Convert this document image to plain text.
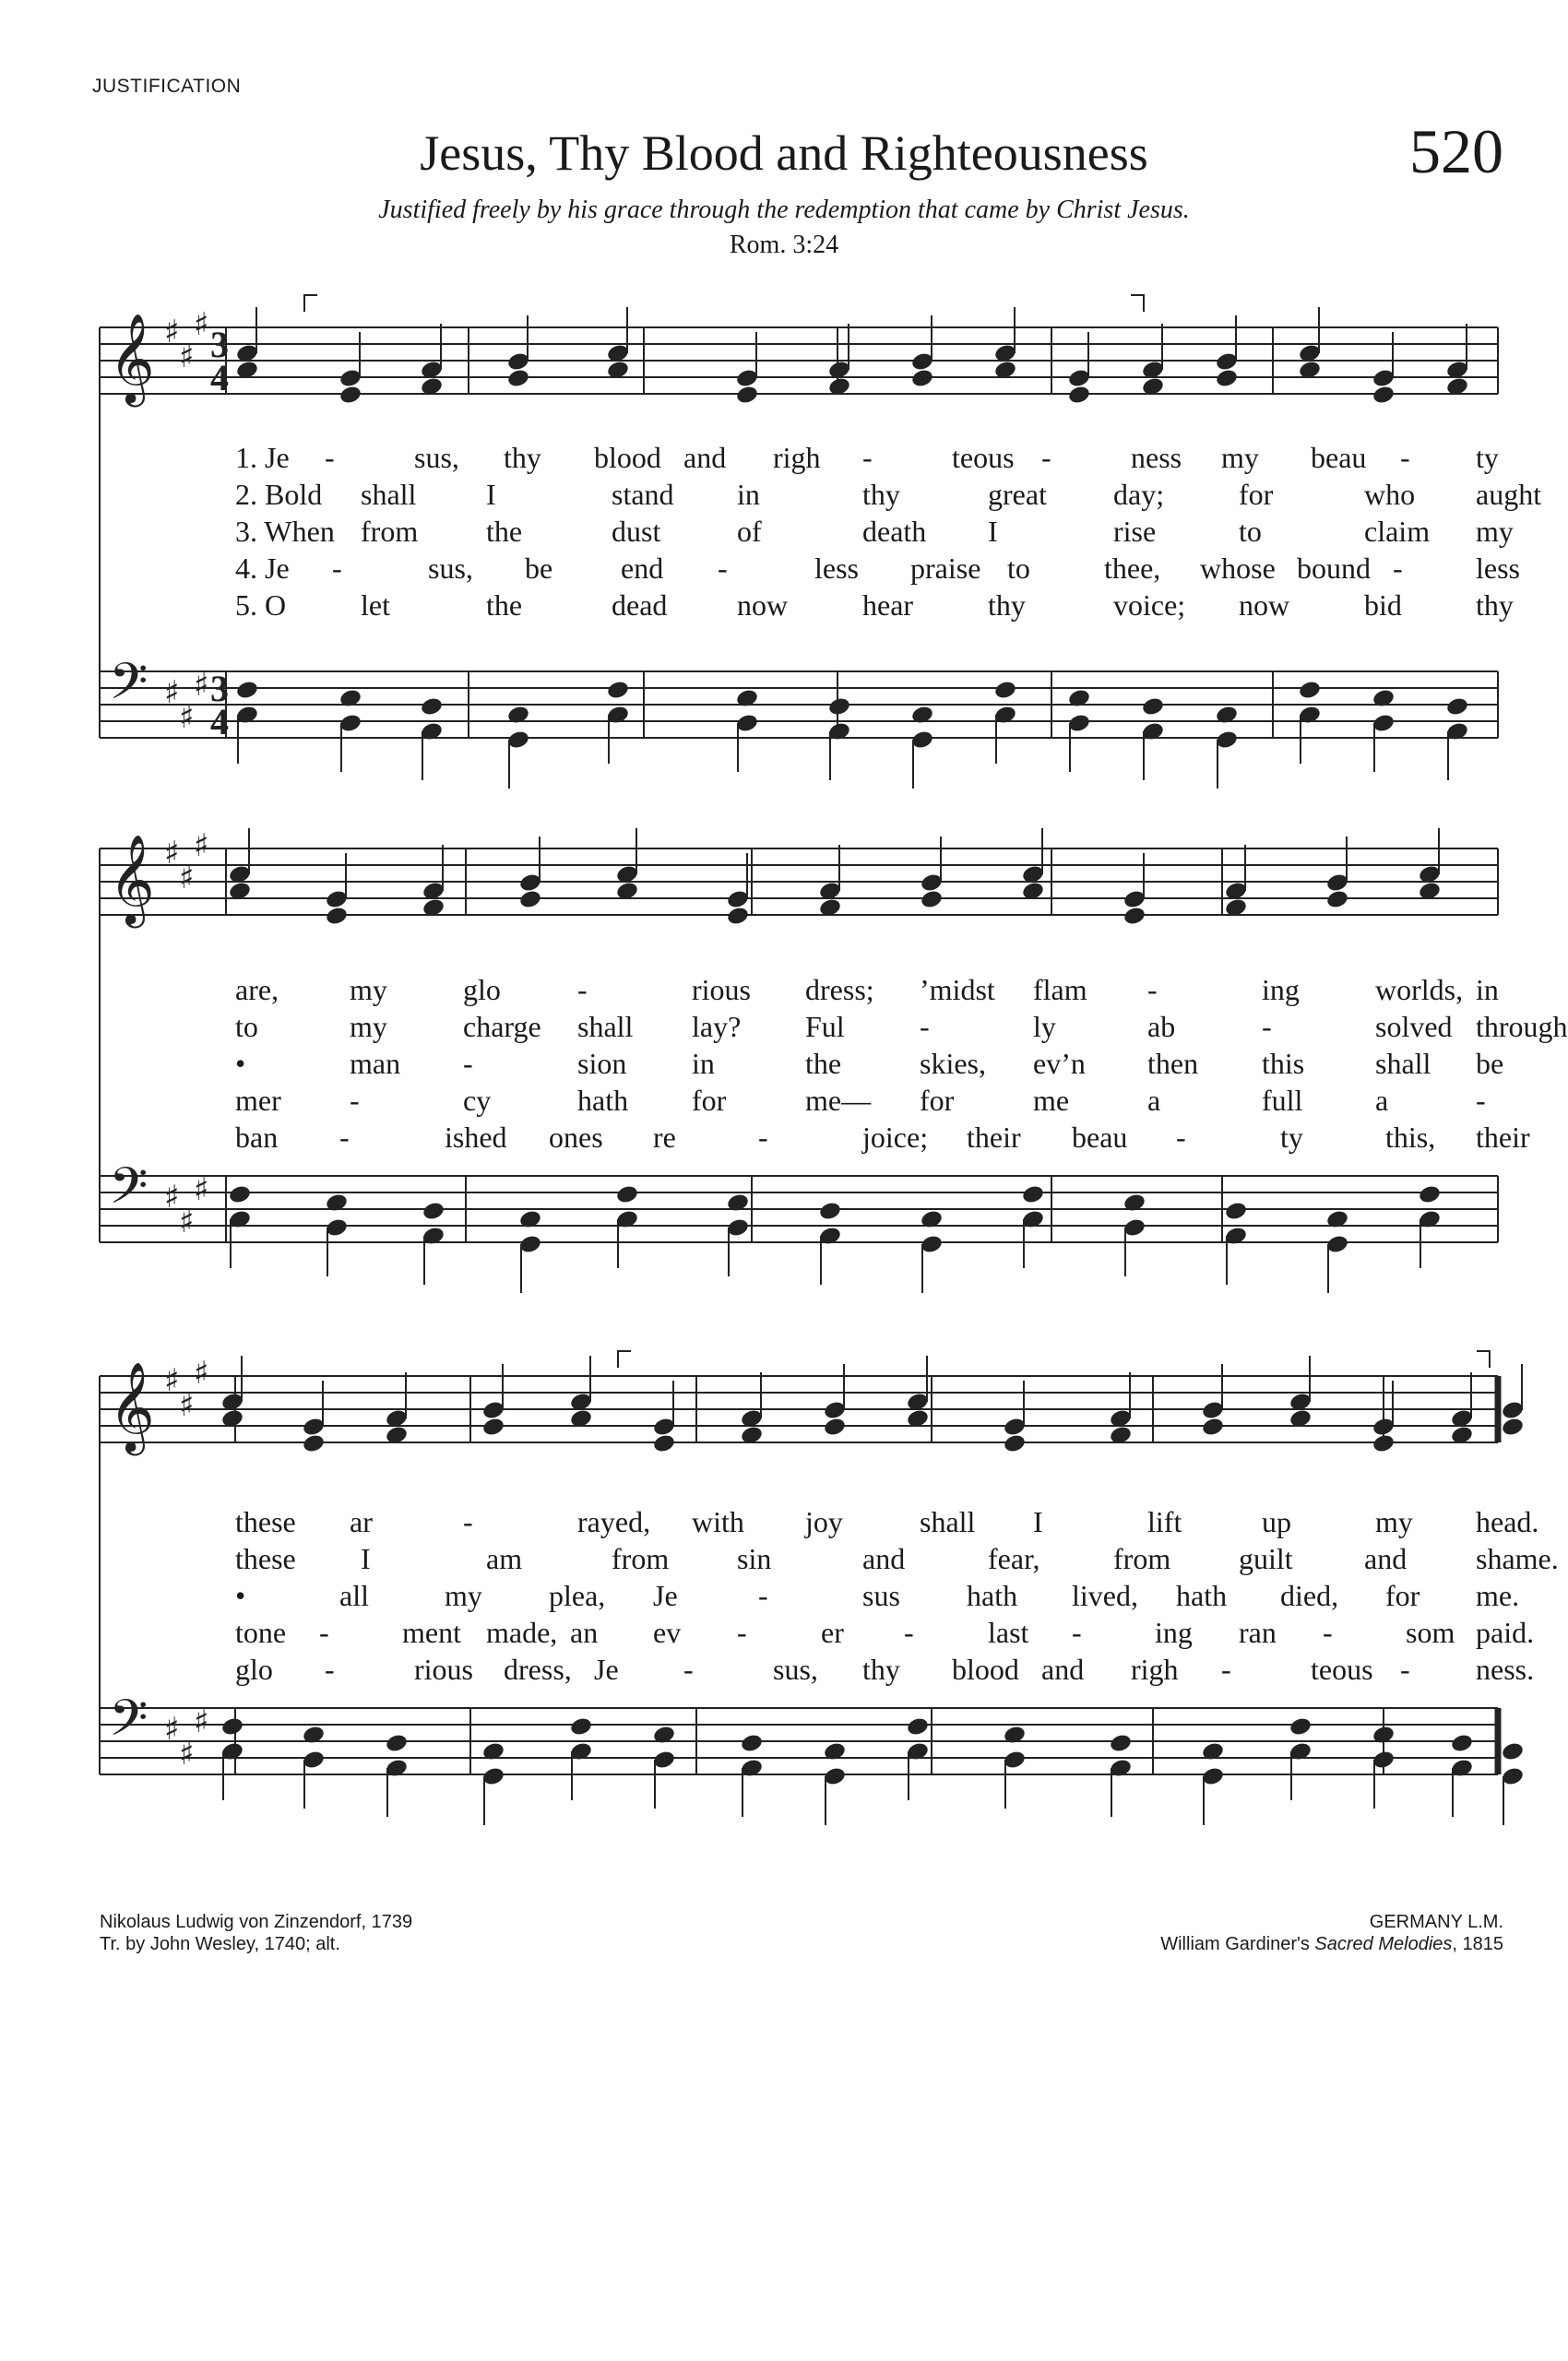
JUSTIFICATION
Jesus, Thy Blood and Righteousness	520
Justified freely by his grace through the redemption that came by Christ Jesus.
Rom. 3:24
𝄞 ♯
♯
♯ 3
4
𝄢 ♯
♯
♯ 3
4
𝄞 ♯
♯
♯
𝄢 ♯
♯
♯
𝄞 ♯
♯
♯
𝄢 ♯
♯
♯
1. Je -	sus, thy blood and righ -	teous -	ness my beau - ty
2. Bold shall I	stand in	thy	great day;	for	who aught
3. When from the	dust	of	death I	rise	to	claim my
4. Je -	sus, be end -	less praise to	thee, whose bound - less
5. O	let	the	dead now	hear	thy	voice; now	bid	thy
are, my	glo	-	rious dress; ’midst flam -	ing	worlds, in
to	my	charge shall lay? Ful	-	ly	ab	-	solved through
•	man -	sion in	the	skies, ev’n then this shall be
mer -	cy	hath for	me— for	me	a	full a	-
ban -	ished ones re	-	joice; their beau -	ty	this, their
these ar	-	rayed, with joy	shall I	lift	up	my head.
these I	am	from sin	and	fear, from guilt and shame.
•	all	my plea, Je	-	sus hath lived, hath died, for me.
tone - ment made, an ev -	er -	last - ing ran - som paid.
glo -	rious dress, Je -	sus, thy blood and righ -	teous - ness.
Nikolaus Ludwig von Zinzendorf, 1739
Tr. by John Wesley, 1740; alt.
GERMANY L.M.
William Gardiner's Sacred Melodies, 1815
